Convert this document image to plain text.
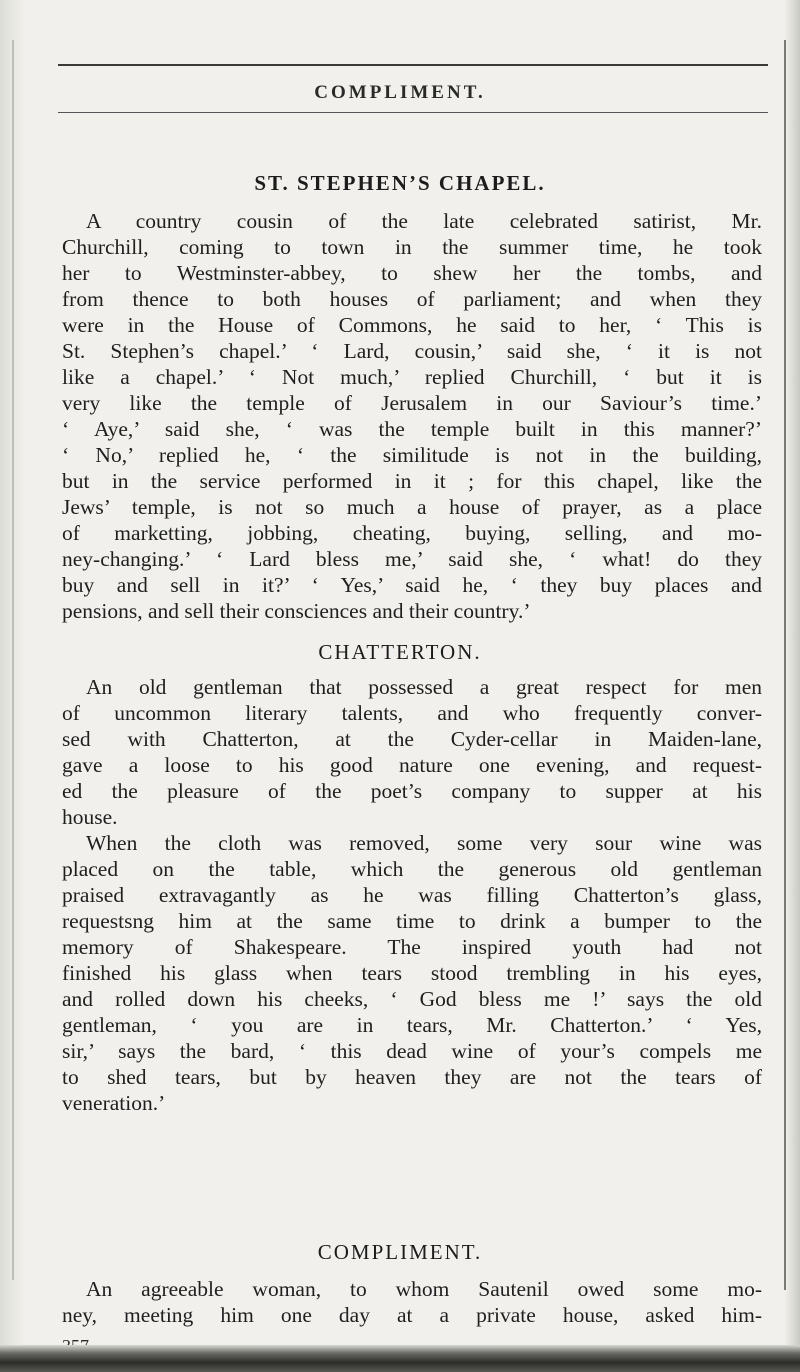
COMPLIMENT.
ST. STEPHEN’S CHAPEL.
A country cousin of the late celebrated satirist, Mr.
Churchill, coming to town in the summer time, he took
her to Westminster-abbey, to shew her the tombs, and
from thence to both houses of parliament; and when they
were in the House of Commons, he said to her, ‘ This is
St. Stephen’s chapel.’ ‘ Lard, cousin,’ said she, ‘ it is not
like a chapel.’ ‘ Not much,’ replied Churchill, ‘ but it is
very like the temple of Jerusalem in our Saviour’s time.’
‘ Aye,’ said she, ‘ was the temple built in this manner?’
‘ No,’ replied he, ‘ the similitude is not in the building,
but in the service performed in it ; for this chapel, like the
Jews’ temple, is not so much a house of prayer, as a place
of marketting, jobbing, cheating, buying, selling, and mo-
ney-changing.’ ‘ Lard bless me,’ said she, ‘ what! do they
buy and sell in it?’ ‘ Yes,’ said he, ‘ they buy places and
pensions, and sell their consciences and their country.’
CHATTERTON.
An old gentleman that possessed a great respect for men
of uncommon literary talents, and who frequently conver-
sed with Chatterton, at the Cyder-cellar in Maiden-lane,
gave a loose to his good nature one evening, and request-
ed the pleasure of the poet’s company to supper at his
house.
When the cloth was removed, some very sour wine was
placed on the table, which the generous old gentleman
praised extravagantly as he was filling Chatterton’s glass,
requestsng him at the same time to drink a bumper to the
memory of Shakespeare. The inspired youth had not
finished his glass when tears stood trembling in his eyes,
and rolled down his cheeks, ‘ God bless me !’ says the old
gentleman, ‘ you are in tears, Mr. Chatterton.’ ‘ Yes,
sir,’ says the bard, ‘ this dead wine of your’s compels me
to shed tears, but by heaven they are not the tears of
veneration.’
COMPLIMENT.
An agreeable woman, to whom Sautenil owed some mo-
ney, meeting him one day at a private house, asked him-
